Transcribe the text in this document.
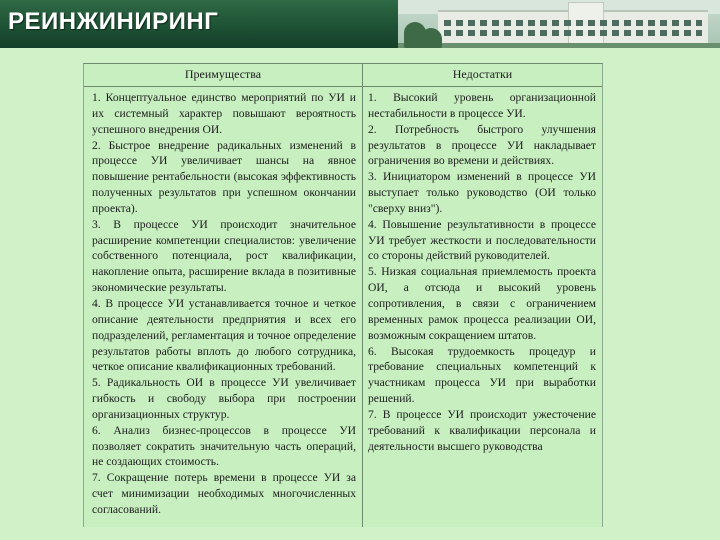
РЕИНЖИНИРИНГ
Преимущества	Недостатки

1. Концептуальное единство мероприятий по УИ и их системный характер повышают вероятность успешного внедрения ОИ.

2. Быстрое внедрение радикальных изменений в процессе УИ увеличивает шансы на явное повышение рентабельности (высокая эффективность полученных результатов при успешном окончании проекта).

3. В процессе УИ происходит значительное расширение компетенции специалистов: увеличение собственного потенциала, рост квалификации, накопление опыта, расширение вклада в позитивные экономические результаты.

4. В процессе УИ устанавливается точное и четкое описание деятельности предприятия и всех его подразделений, регламентация и точное определение результатов работы вплоть до любого сотрудника, четкое описание квалификационных требований.

5. Радикальность ОИ в процессе УИ увеличивает гибкость и свободу выбора при построении организационных структур.

6. Анализ бизнес-процессов в процессе УИ позволяет сократить значительную часть операций, не создающих стоимость.

7. Сокращение потерь времени в процессе УИ за счет минимизации необходимых многочисленных согласований.

1. Высокий уровень организационной нестабильности в процессе УИ.

2. Потребность быстрого улучшения результатов в процессе УИ накладывает ограничения во времени и действиях.

3. Инициатором изменений в процессе УИ выступает только руководство (ОИ только "сверху вниз").

4. Повышение результативности в процессе УИ требует жесткости и последовательности со стороны действий руководителей.

5. Низкая социальная приемлемость проекта ОИ, а отсюда и высокий уровень сопротивления, в связи с ограничением временных рамок процесса реализации ОИ, возможным сокращением штатов.

6. Высокая трудоемкость процедур и требование специальных компетенций к участникам процесса УИ при выработки решений.

7. В процессе УИ происходит ужесточение требований к квалификации персонала и деятельности высшего руководства
